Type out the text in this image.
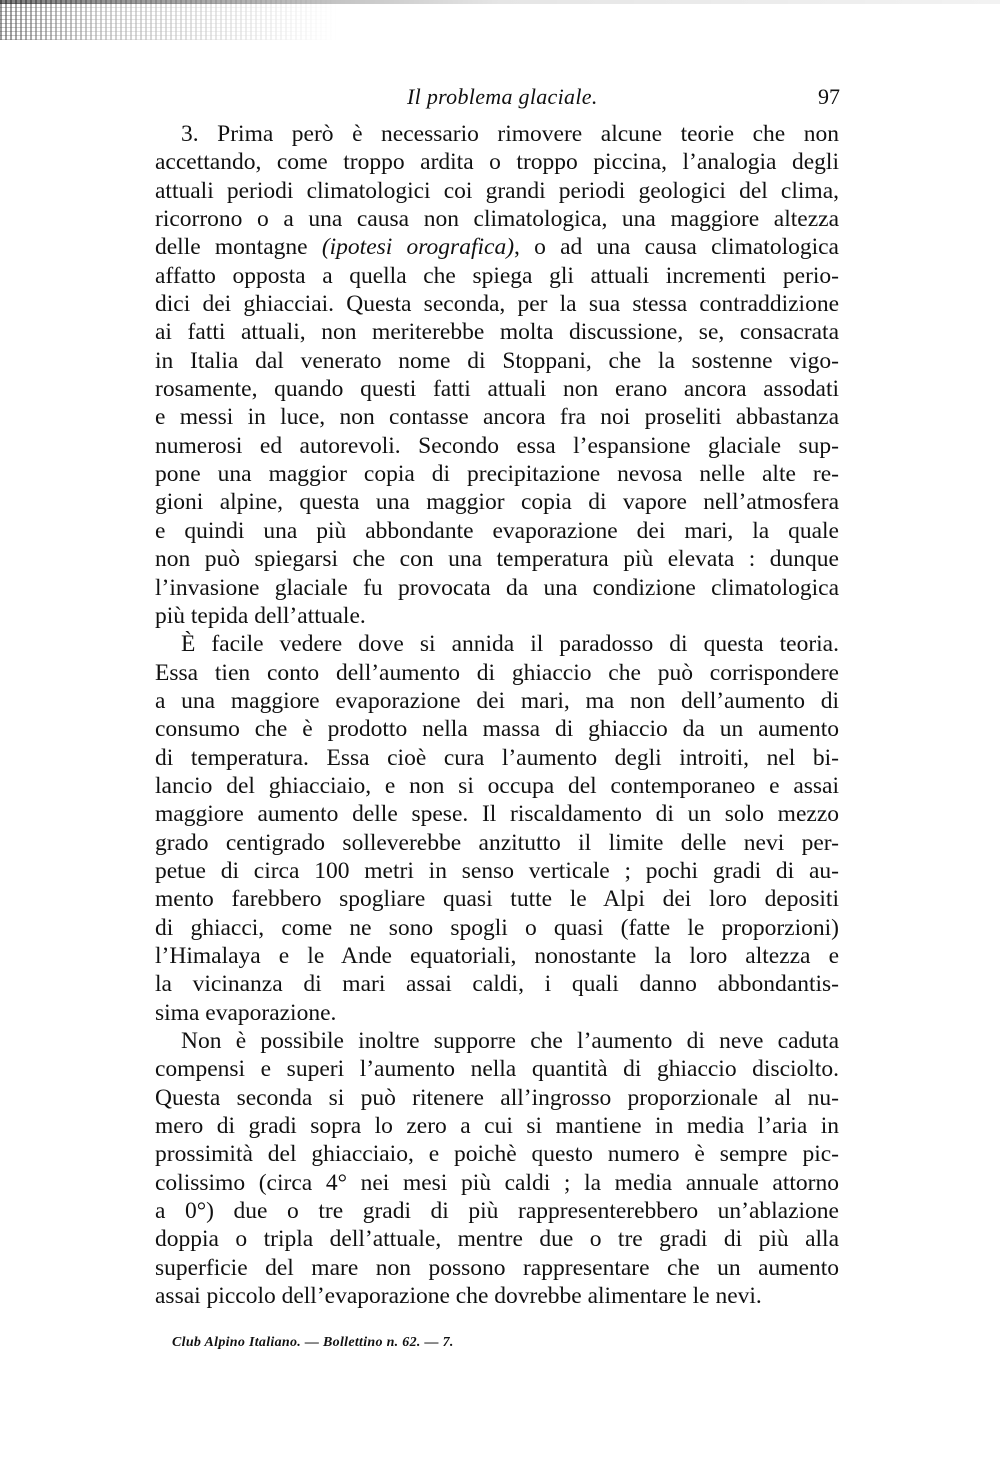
Il problema glaciale.	97
3. Prima però è necessario rimovere alcune teorie che non
accettando, come troppo ardita o troppo piccina, l’analogia degli
attuali periodi climatologici coi grandi periodi geologici del clima,
ricorrono o a una causa non climatologica, una maggiore altezza
delle montagne (ipotesi orografica), o ad una causa climatologica
affatto opposta a quella che spiega gli attuali incrementi perio-
dici dei ghiacciai. Questa seconda, per la sua stessa contraddizione
ai fatti attuali, non meriterebbe molta discussione, se, consacrata
in Italia dal venerato nome di Stoppani, che la sostenne vigo-
rosamente, quando questi fatti attuali non erano ancora assodati
e messi in luce, non contasse ancora fra noi proseliti abbastanza
numerosi ed autorevoli. Secondo essa l’espansione glaciale sup-
pone una maggior copia di precipitazione nevosa nelle alte re-
gioni alpine, questa una maggior copia di vapore nell’atmosfera
e quindi una più abbondante evaporazione dei mari, la quale
non può spiegarsi che con una temperatura più elevata : dunque
l’invasione glaciale fu provocata da una condizione climatologica
più tepida dell’attuale.
È facile vedere dove si annida il paradosso di questa teoria.
Essa tien conto dell’aumento di ghiaccio che può corrispondere
a una maggiore evaporazione dei mari, ma non dell’aumento di
consumo che è prodotto nella massa di ghiaccio da un aumento
di temperatura. Essa cioè cura l’aumento degli introiti, nel bi-
lancio del ghiacciaio, e non si occupa del contemporaneo e assai
maggiore aumento delle spese. Il riscaldamento di un solo mezzo
grado centigrado solleverebbe anzitutto il limite delle nevi per-
petue di circa 100 metri in senso verticale ; pochi gradi di au-
mento farebbero spogliare quasi tutte le Alpi dei loro depositi
di ghiacci, come ne sono spogli o quasi (fatte le proporzioni)
l’Himalaya e le Ande equatoriali, nonostante la loro altezza e
la vicinanza di mari assai caldi, i quali danno abbondantis-
sima evaporazione.
Non è possibile inoltre supporre che l’aumento di neve caduta
compensi e superi l’aumento nella quantità di ghiaccio disciolto.
Questa seconda si può ritenere all’ingrosso proporzionale al nu-
mero di gradi sopra lo zero a cui si mantiene in media l’aria in
prossimità del ghiacciaio, e poichè questo numero è sempre pic-
colissimo (circa 4° nei mesi più caldi ; la media annuale attorno
a 0°) due o tre gradi di più rappresenterebbero un’ablazione
doppia o tripla dell’attuale, mentre due o tre gradi di più alla
superficie del mare non possono rappresentare che un aumento
assai piccolo dell’evaporazione che dovrebbe alimentare le nevi.
Club Alpino Italiano. — Bollettino n. 62. — 7.
